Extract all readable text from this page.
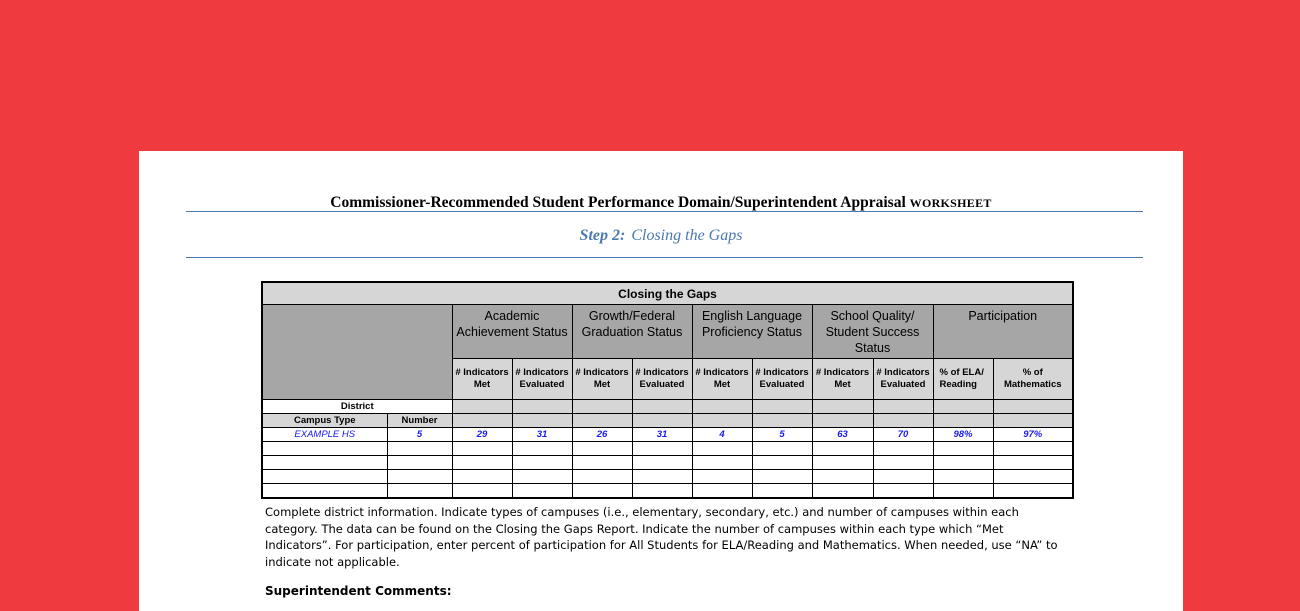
Commissioner-Recommended Student Performance Domain/Superintendent Appraisal WORKSHEET
Step 2: Closing the Gaps
Closing the Gaps											
		Academic Achievement Status		Growth/Federal Graduation Status		English Language Proficiency Status		School Quality/ Student Success Status		Participation	
		# Indicators Met	# Indicators Evaluated	# Indicators Met	# Indicators Evaluated	# Indicators Met	# Indicators Evaluated	# Indicators Met	# Indicators Evaluated	% of ELA/ Reading	% of Mathematics
District											
Campus Type	Number										
EXAMPLE HS	5	29	31	26	31	4	5	63	70	98%	97%

Complete district information. Indicate types of campuses (i.e., elementary, secondary, etc.) and number of campuses within each category. The data can be found on the Closing the Gaps Report. Indicate the number of campuses within each type which “Met Indicators”. For participation, enter percent of participation for All Students for ELA/Reading and Mathematics. When needed, use “NA” to indicate not applicable.
Superintendent Comments:
